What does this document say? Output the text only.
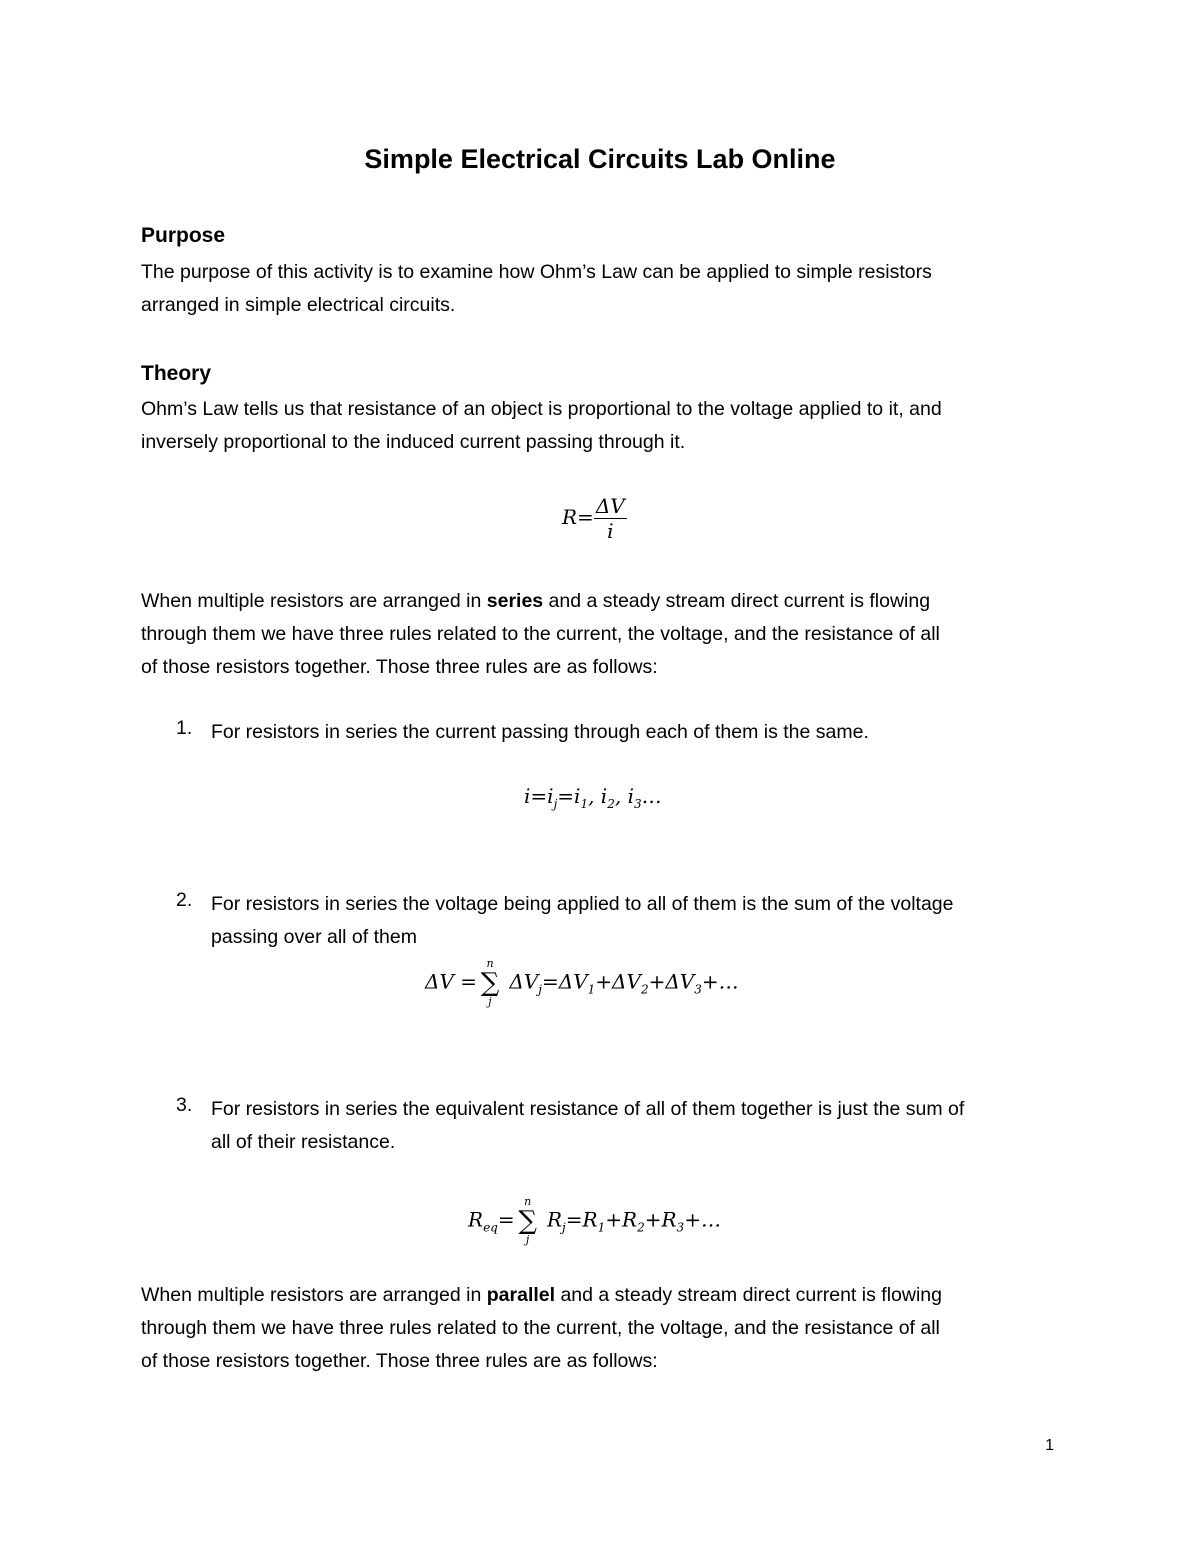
Simple Electrical Circuits Lab Online
Purpose

The purpose of this activity is to examine how Ohm’s Law can be applied to simple resistors

arranged in simple electrical circuits.

Theory

Ohm’s Law tells us that resistance of an object is proportional to the voltage applied to it, and

inversely proportional to the induced current passing through it.

$R= \frac{\Delta V}{i}$

When multiple resistors are arranged in series and a steady stream direct current is flowing

through them we have three rules related to the current, the voltage, and the resistance of all

of those resistors together. Those three rules are as follows:

1. For resistors in series the current passing through each of them is the same.
$i=i_j=i_1$, $i_2$, $i_3\dots$
2. For resistors in series the voltage being applied to all of them is the sum of the voltage
passing over all of them
ΔV =
n
∑
j
$\Delta V_j=\Delta V_1+\Delta V_2+\Delta V_3+\dots$
3. For resistors in series the equivalent resistance of all of them together is just the sum of
all of their resistance.
$R_{eq}=$
n
∑
j
$R_j=R_1+R_2+R_3+\dots$

When multiple resistors are arranged in parallel and a steady stream direct current is flowing

through them we have three rules related to the current, the voltage, and the resistance of all

of those resistors together. Those three rules are as follows:

1
